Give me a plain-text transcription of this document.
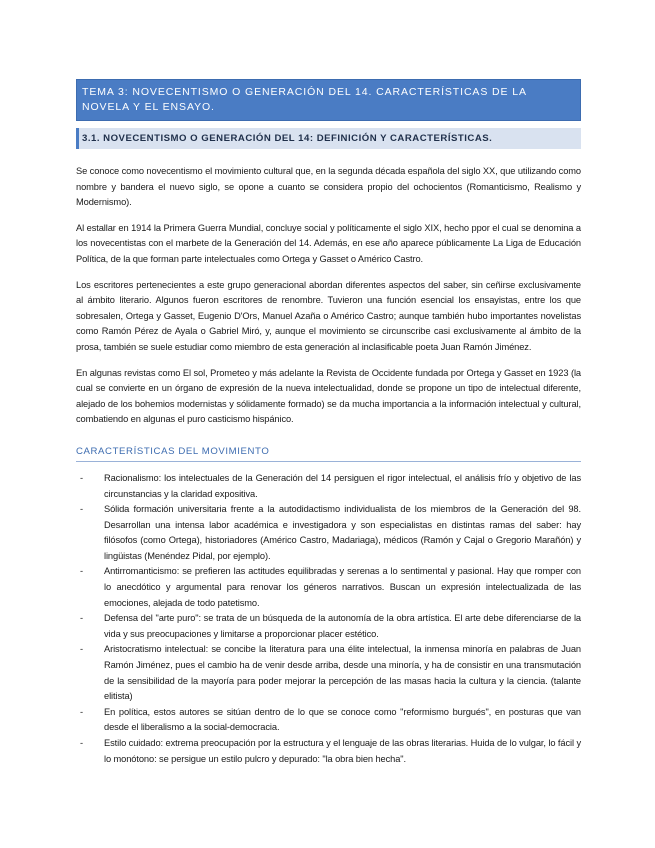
TEMA 3: NOVECENTISMO O GENERACIÓN DEL 14. CARACTERÍSTICAS DE LA NOVELA Y EL ENSAYO.
3.1. NOVECENTISMO O GENERACIÓN DEL 14: DEFINICIÓN Y CARACTERÍSTICAS.

Se conoce como novecentismo el movimiento cultural que, en la segunda década española del siglo XX, que utilizando como nombre y bandera el nuevo siglo, se opone a cuanto se considera propio del ochocientos (Romanticismo, Realismo y Modernismo).

Al estallar en 1914 la Primera Guerra Mundial, concluye social y políticamente el siglo XIX, hecho ppor el cual se denomina a los novecentistas con el marbete de la Generación del 14. Además, en ese año aparece públicamente La Liga de Educación Política, de la que forman parte intelectuales como Ortega y Gasset o Américo Castro.

Los escritores pertenecientes a este grupo generacional abordan diferentes aspectos del saber, sin ceñirse exclusivamente al ámbito literario. Algunos fueron escritores de renombre. Tuvieron una función esencial los ensayistas, entre los que sobresalen, Ortega y Gasset, Eugenio D'Ors, Manuel Azaña o Américo Castro; aunque también hubo importantes novelistas como Ramón Pérez de Ayala o Gabriel Miró, y, aunque el movimiento se circunscribe casi exclusivamente al ámbito de la prosa, también se suele estudiar como miembro de esta generación al inclasificable poeta Juan Ramón Jiménez.

En algunas revistas como El sol, Prometeo y más adelante la Revista de Occidente fundada por Ortega y Gasset en 1923 (la cual se convierte en un órgano de expresión de la nueva intelectualidad, donde se propone un tipo de intelectual diferente, alejado de los bohemios modernistas y sólidamente formado) se da mucha importancia a la información intelectual y cultural, combatiendo en algunas el puro casticismo hispánico.

CARACTERÍSTICAS DEL MOVIMIENTO
- Racionalismo: los intelectuales de la Generación del 14 persiguen el rigor intelectual, el análisis frío y objetivo de las circunstancias y la claridad expositiva.
- Sólida formación universitaria frente a la autodidactismo individualista de los miembros de la Generación del 98. Desarrollan una intensa labor académica e investigadora y son especialistas en distintas ramas del saber: hay filósofos (como Ortega), historiadores (Américo Castro, Madariaga), médicos (Ramón y Cajal o Gregorio Marañón) y lingüistas (Menéndez Pidal, por ejemplo).
- Antirromanticismo: se prefieren las actitudes equilibradas y serenas a lo sentimental y pasional. Hay que romper con lo anecdótico y argumental para renovar los géneros narrativos. Buscan un expresión intelectualizada de las emociones, alejada de todo patetismo.
- Defensa del "arte puro": se trata de un búsqueda de la autonomía de la obra artística. El arte debe diferenciarse de la vida y sus preocupaciones y limitarse a proporcionar placer estético.
- Aristocratismo intelectual: se concibe la literatura para una élite intelectual, la inmensa minoría en palabras de Juan Ramón Jiménez, pues el cambio ha de venir desde arriba, desde una minoría, y ha de consistir en una transmutación de la sensibilidad de la mayoría para poder mejorar la percepción de las masas hacia la cultura y la ciencia. (talante elitista)
- En política, estos autores se sitúan dentro de lo que se conoce como "reformismo burgués", en posturas que van desde el liberalismo a la social-democracia.
- Estilo cuidado: extrema preocupación por la estructura y el lenguaje de las obras literarias. Huida de lo vulgar, lo fácil y lo monótono: se persigue un estilo pulcro y depurado: "la obra bien hecha".
